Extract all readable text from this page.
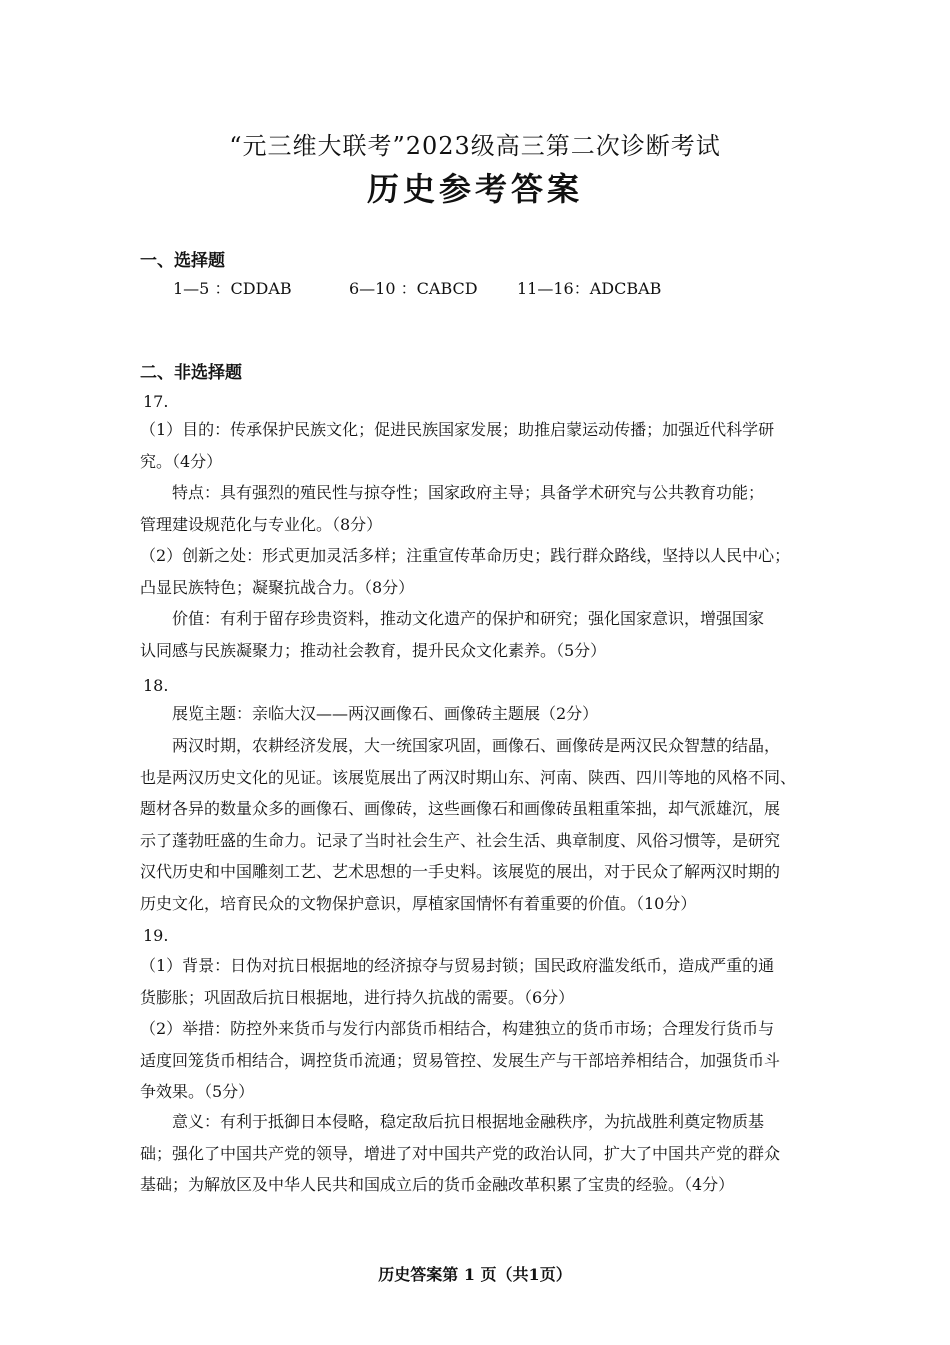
“元三维大联考”2023级高三第二次诊断考试
历史参考答案
一、选择题
1—5 ：CDDAB	6—10 ：CABCD 11—16：ADCBAB
二、非选择题
17.
（1）目的：传承保护民族文化；促进民族国家发展；助推启蒙运动传播；加强近代科学研
究。（4分）
特点：具有强烈的殖民性与掠夺性；国家政府主导；具备学术研究与公共教育功能；
管理建设规范化与专业化。（8分）
（2）创新之处：形式更加灵活多样；注重宣传革命历史；践行群众路线，坚持以人民中心；
凸显民族特色；凝聚抗战合力。（8分）
价值：有利于留存珍贵资料，推动文化遗产的保护和研究；强化国家意识，增强国家
认同感与民族凝聚力；推动社会教育，提升民众文化素养。（5分）
18.
展览主题：亲临大汉——两汉画像石、画像砖主题展（2分）
两汉时期，农耕经济发展，大一统国家巩固，画像石、画像砖是两汉民众智慧的结晶，
也是两汉历史文化的见证。该展览展出了两汉时期山东、河南、陕西、四川等地的风格不同、
题材各异的数量众多的画像石、画像砖，这些画像石和画像砖虽粗重笨拙，却气派雄沉，展
示了蓬勃旺盛的生命力。记录了当时社会生产、社会生活、典章制度、风俗习惯等，是研究
汉代历史和中国雕刻工艺、艺术思想的一手史料。该展览的展出，对于民众了解两汉时期的
历史文化，培育民众的文物保护意识，厚植家国情怀有着重要的价值。（10分）
19.
（1）背景：日伪对抗日根据地的经济掠夺与贸易封锁；国民政府滥发纸币，造成严重的通
货膨胀；巩固敌后抗日根据地，进行持久抗战的需要。（6分）
（2）举措：防控外来货币与发行内部货币相结合，构建独立的货币市场；合理发行货币与
适度回笼货币相结合，调控货币流通；贸易管控、发展生产与干部培养相结合，加强货币斗
争效果。（5分）
意义：有利于抵御日本侵略，稳定敌后抗日根据地金融秩序，为抗战胜利奠定物质基
础；强化了中国共产党的领导，增进了对中国共产党的政治认同，扩大了中国共产党的群众
基础；为解放区及中华人民共和国成立后的货币金融改革积累了宝贵的经验。（4分）
历史答案第 1 页（共1页）
